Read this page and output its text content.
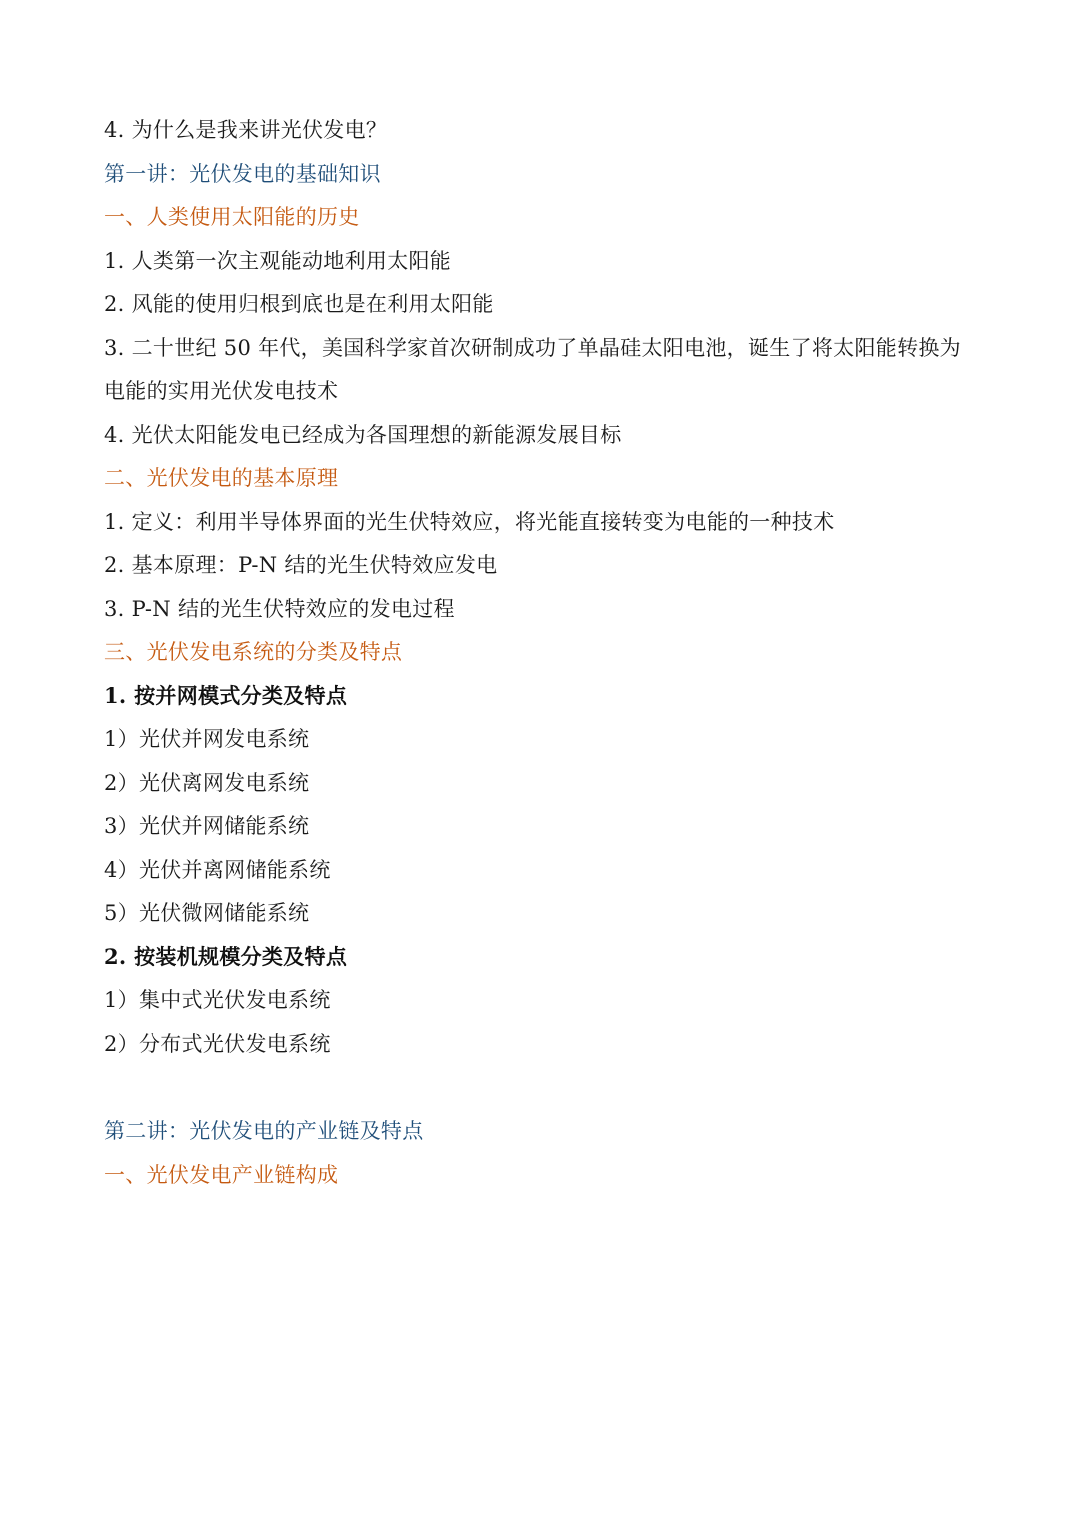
4. 为什么是我来讲光伏发电？
第一讲：光伏发电的基础知识
一、人类使用太阳能的历史
1. 人类第一次主观能动地利用太阳能
2. 风能的使用归根到底也是在利用太阳能
3. 二十世纪 50 年代，美国科学家首次研制成功了单晶硅太阳电池，诞生了将太阳能转换为
电能的实用光伏发电技术
4. 光伏太阳能发电已经成为各国理想的新能源发展目标
二、光伏发电的基本原理
1. 定义：利用半导体界面的光生伏特效应，将光能直接转变为电能的一种技术
2. 基本原理：P-N 结的光生伏特效应发电
3. P-N 结的光生伏特效应的发电过程
三、光伏发电系统的分类及特点
1. 按并网模式分类及特点
1）光伏并网发电系统
2）光伏离网发电系统
3）光伏并网储能系统
4）光伏并离网储能系统
5）光伏微网储能系统
2. 按装机规模分类及特点
1）集中式光伏发电系统
2）分布式光伏发电系统
第二讲：光伏发电的产业链及特点
一、光伏发电产业链构成
